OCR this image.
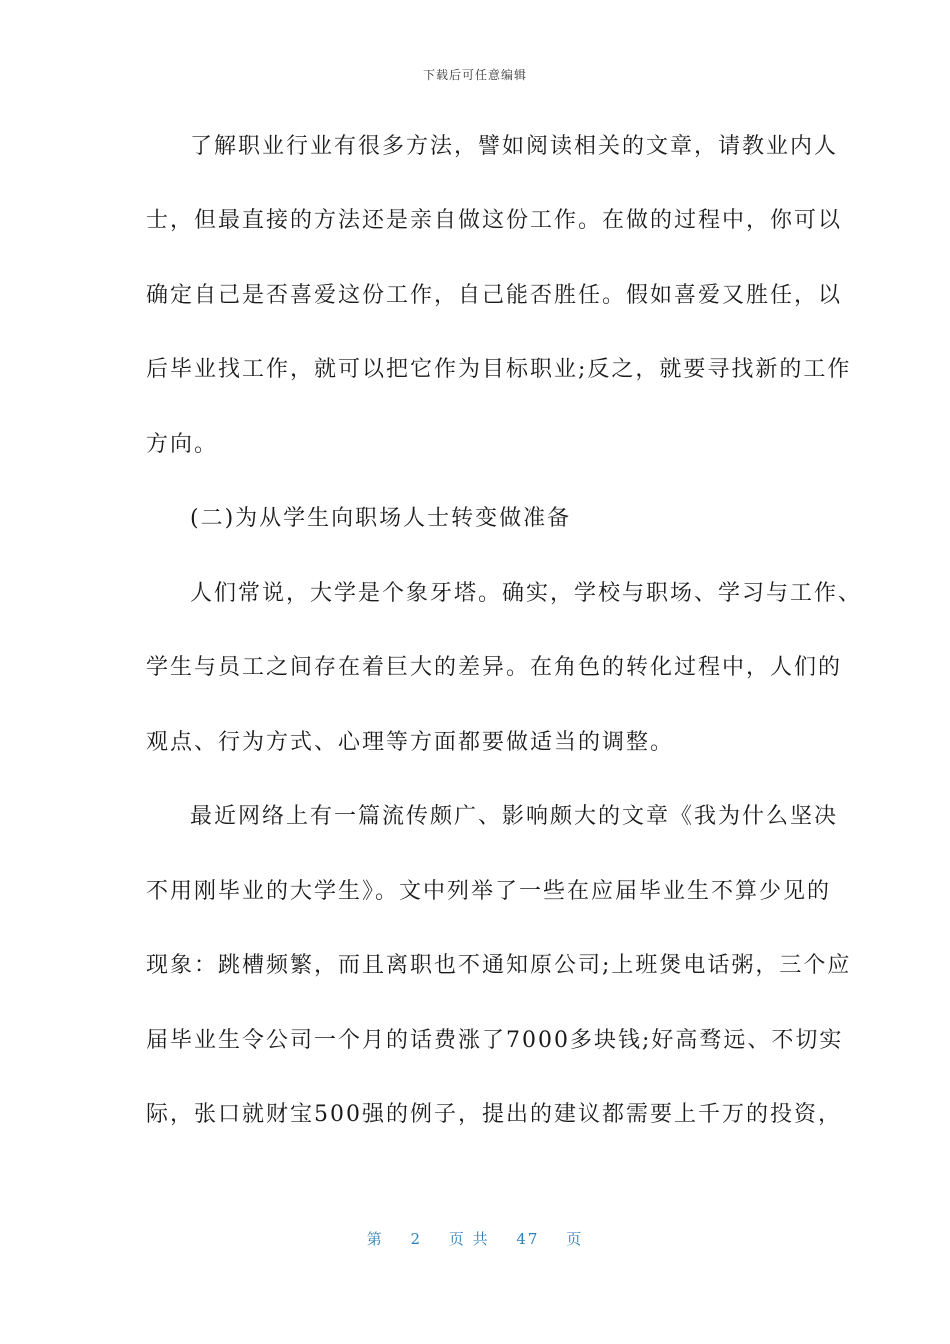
下载后可任意编辑
了解职业行业有很多方法，譬如阅读相关的文章，请教业内人
士，但最直接的方法还是亲自做这份工作。在做的过程中，你可以
确定自己是否喜爱这份工作，自己能否胜任。假如喜爱又胜任，以
后毕业找工作，就可以把它作为目标职业;反之，就要寻找新的工作
方向。
(二)为从学生向职场人士转变做准备
人们常说，大学是个象牙塔。确实，学校与职场、学习与工作、
学生与员工之间存在着巨大的差异。在角色的转化过程中，人们的
观点、行为方式、心理等方面都要做适当的调整。
最近网络上有一篇流传颇广、影响颇大的文章《我为什么坚决
不用刚毕业的大学生》。文中列举了一些在应届毕业生不算少见的
现象：跳槽频繁，而且离职也不通知原公司;上班煲电话粥，三个应
届毕业生令公司一个月的话费涨了7000多块钱;好高骛远、不切实
际，张口就财宝500强的例子，提出的建议都需要上千万的投资，
第 2 页 共 47 页
